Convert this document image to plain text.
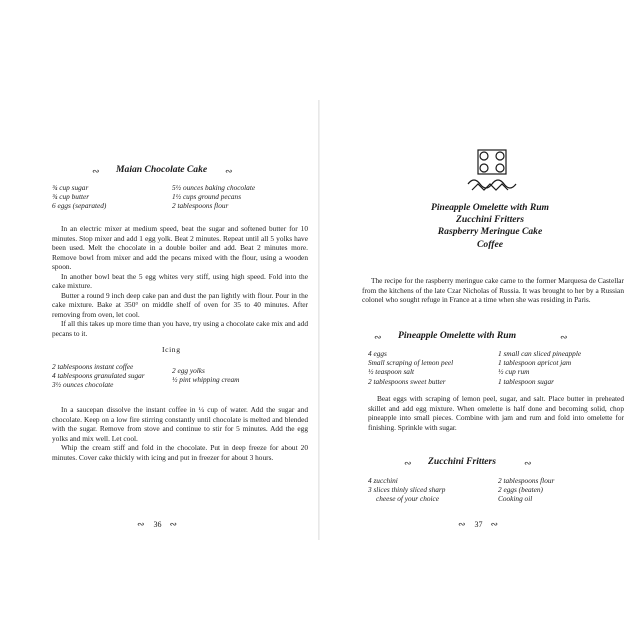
∾ Maian Chocolate Cake ∾
¾ cup sugar
¾ cup butter
6 eggs (separated)
5½ ounces baking chocolate
1½ cups ground pecans
2 tablespoons flour

In an electric mixer at medium speed, beat the sugar and softened butter for 10 minutes. Stop mixer and add 1 egg yolk. Beat 2 minutes. Repeat until all 5 yolks have been used. Melt the chocolate in a double boiler and add. Beat 2 minutes more. Remove bowl from mixer and add the pecans mixed with the flour, using a wooden spoon.

In another bowl beat the 5 egg whites very stiff, using high speed. Fold into the cake mixture.

Butter a round 9 inch deep cake pan and dust the pan lightly with flour. Pour in the cake mixture. Bake at 350° on middle shelf of oven for 35 to 40 minutes. After removing from oven, let cool.

If all this takes up more time than you have, try using a chocolate cake mix and add pecans to it.

Icing
2 tablespoons instant coffee
4 tablespoons granulated sugar
3½ ounces chocolate
2 egg yolks
½ pint whipping cream

In a saucepan dissolve the instant coffee in ¼ cup of water. Add the sugar and chocolate. Keep on a low fire stirring constantly until chocolate is melted and blended with the sugar. Remove from stove and continue to stir for 5 minutes. Add the egg yolks and mix well. Let cool.

Whip the cream stiff and fold in the chocolate. Put in deep freeze for about 20 minutes. Cover cake thickly with icing and put in freezer for about 3 hours.

∾ 36 ∾
Pineapple Omelette with Rum
Zucchini Fritters
Raspberry Meringue Cake
Coffee

The recipe for the raspberry meringue cake came to the former Marquesa de Castellar from the kitchens of the late Czar Nicholas of Russia. It was brought to her by a Russian colonel who sought refuge in France at a time when she was residing in Paris.

∾ Pineapple Omelette with Rum	∾
4 eggs
Small scraping of lemon peel
½ teaspoon salt
2 tablespoons sweet butter
1 small can sliced pineapple
1 tablespoon apricot jam
½ cup rum
1 tablespoon sugar

Beat eggs with scraping of lemon peel, sugar, and salt. Place butter in preheated skillet and add egg mixture. When omelette is half done and becoming solid, chop pineapple into small pieces. Combine with jam and rum and fold into omelette for finishing. Sprinkle with sugar.

∾ Zucchini Fritters	∾
4 zucchini
3 slices thinly sliced sharp
cheese of your choice
2 tablespoons flour
2 eggs (beaten)
Cooking oil
∾ 37 ∾
